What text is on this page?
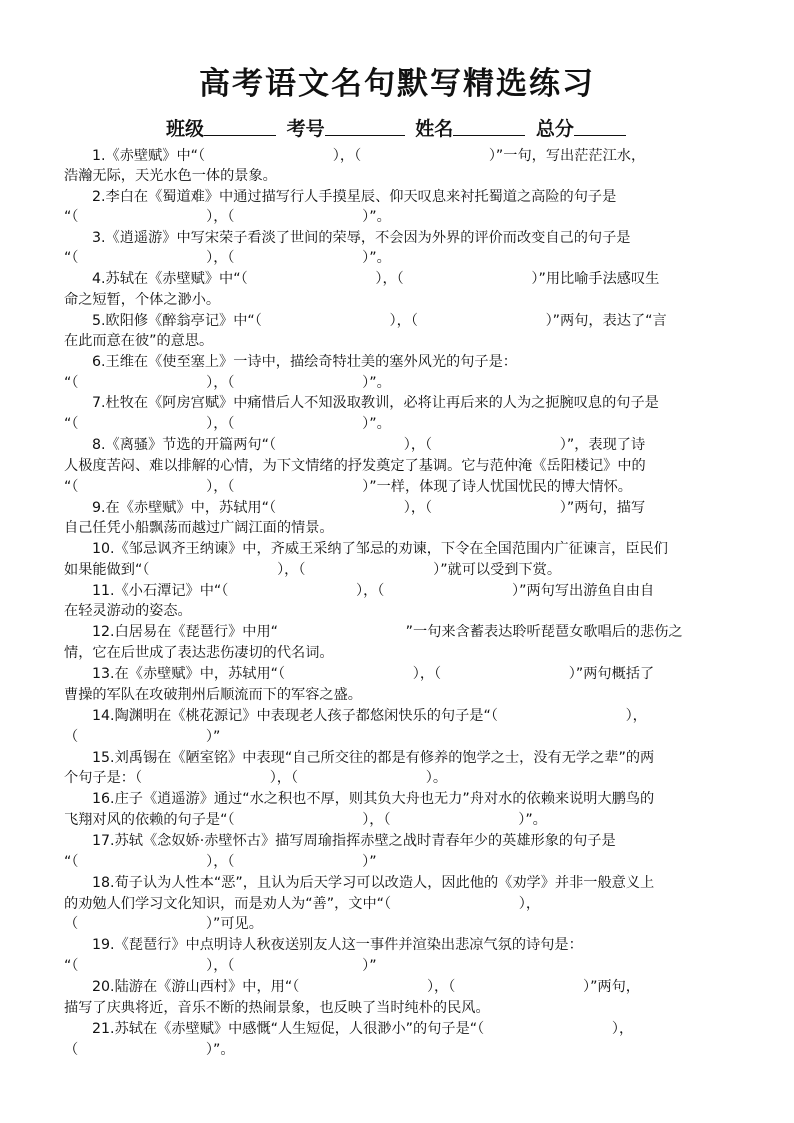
高考语文名句默写精选练习
班级	考号	姓名	总分
1.《赤壁赋》中“（　　　　　　　　　），（　　　　　　　　　）”一句，写出茫茫江水，
浩瀚无际，天光水色一体的景象。
2.李白在《蜀道难》中通过描写行人手摸星辰、仰天叹息来衬托蜀道之高险的句子是
“（　　　　　　　　　），（　　　　　　　　　）”。
3.《逍遥游》中写宋荣子看淡了世间的荣辱，不会因为外界的评价而改变自己的句子是
“（　　　　　　　　　），（　　　　　　　　　）”。
4.苏轼在《赤壁赋》中“（　　　　　　　　　），（　　　　　　　　　）”用比喻手法感叹生
命之短暂，个体之渺小。
5.欧阳修《醉翁亭记》中“（　　　　　　　　　），（　　　　　　　　　）”两句，表达了“言
在此而意在彼”的意思。
6.王维在《使至塞上》一诗中，描绘奇特壮美的塞外风光的句子是：
“（　　　　　　　　　），（　　　　　　　　　）”。
7.杜牧在《阿房宫赋》中痛惜后人不知汲取教训，必将让再后来的人为之扼腕叹息的句子是
“（　　　　　　　　　），（　　　　　　　　　）”。
8.《离骚》节选的开篇两句“（　　　　　　　　　），（　　　　　　　　　）”，表现了诗
人极度苦闷、难以排解的心情，为下文情绪的抒发奠定了基调。它与范仲淹《岳阳楼记》中的
“（　　　　　　　　　），（　　　　　　　　　）”一样，体现了诗人忧国忧民的博大情怀。
9.在《赤壁赋》中，苏轼用“（　　　　　　　　　），（　　　　　　　　　）”两句，描写
自己任凭小船飘荡而越过广阔江面的情景。
10.《邹忌讽齐王纳谏》中，齐威王采纳了邹忌的劝谏，下令在全国范围内广征谏言，臣民们
如果能做到“（　　　　　　　　　），（　　　　　　　　　）”就可以受到下赏。
11.《小石潭记》中“（　　　　　　　　　），（　　　　　　　　　）”两句写出游鱼自由自
在轻灵游动的姿态。
12.白居易在《琵琶行》中用“　　　　　　　　　”一句来含蓄表达聆听琵琶女歌唱后的悲伤之
情，它在后世成了表达悲伤凄切的代名词。
13.在《赤壁赋》中，苏轼用“（　　　　　　　　　），（　　　　　　　　　）”两句概括了
曹操的军队在攻破荆州后顺流而下的军容之盛。
14.陶渊明在《桃花源记》中表现老人孩子都悠闲快乐的句子是“（　　　　　　　　　），
（　　　　　　　　　）”
15.刘禹锡在《陋室铭》中表现“自己所交往的都是有修养的饱学之士，没有无学之辈”的两
个句子是：（　　　　　　　　　），（　　　　　　　　　）。
16.庄子《逍遥游》通过“水之积也不厚，则其负大舟也无力”舟对水的依赖来说明大鹏鸟的
飞翔对风的依赖的句子是“（　　　　　　　　　），（　　　　　　　　　）”。
17.苏轼《念奴娇·赤壁怀古》描写周瑜指挥赤壁之战时青春年少的英雄形象的句子是
“（　　　　　　　　　），（　　　　　　　　　）”
18.荀子认为人性本“恶”，且认为后天学习可以改造人，因此他的《劝学》并非一般意义上
的劝勉人们学习文化知识，而是劝人为“善”，文中“（　　　　　　　　　），
（　　　　　　　　　）”可见。
19.《琵琶行》中点明诗人秋夜送别友人这一事件并渲染出悲凉气氛的诗句是：
“（　　　　　　　　　），（　　　　　　　　　）”
20.陆游在《游山西村》中，用“（　　　　　　　　　），（　　　　　　　　　）”两句，
描写了庆典将近，音乐不断的热闹景象，也反映了当时纯朴的民风。
21.苏轼在《赤壁赋》中感慨“人生短促，人很渺小”的句子是“（　　　　　　　　　），
（　　　　　　　　　）”。
